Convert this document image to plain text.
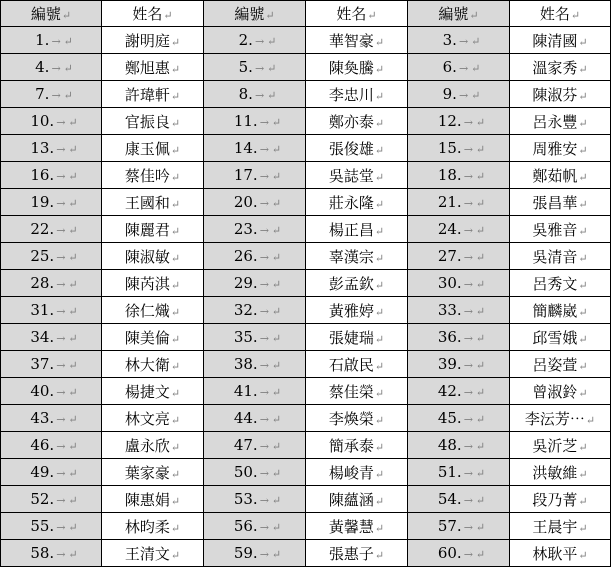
編號↵	姓名↵	編號↵	姓名↵	編號↵	姓名↵
1. → ↵	謝明庭↵	2. → ↵	華智豪↵	3. → ↵	陳清國↵
4. → ↵	鄭旭惠↵	5. → ↵	陳奐騰↵	6. → ↵	溫家秀↵
7. → ↵	許瑋軒↵	8. → ↵	李忠川↵	9. → ↵	陳淑芬↵
10. → ↵	官振良↵	11. → ↵	鄭亦泰↵	12. → ↵	呂永豐↵
13. → ↵	康玉佩↵	14. → ↵	張俊雄↵	15. → ↵	周雅安↵
16. → ↵	蔡佳吟↵	17. → ↵	吳誌堂↵	18. → ↵	鄭茹帆↵
19. → ↵	王國和↵	20. → ↵	莊永隆↵	21. → ↵	張昌華↵
22. → ↵	陳麗君↵	23. → ↵	楊正昌↵	24. → ↵	吳雅音↵
25. → ↵	陳淑敏↵	26. → ↵	辜漢宗↵	27. → ↵	吳清音↵
28. → ↵	陳芮淇↵	29. → ↵	彭孟欽↵	30. → ↵	呂秀文↵
31. → ↵	徐仁熾↵	32. → ↵	黃雅婷↵	33. → ↵	簡麟崴↵
34. → ↵	陳美倫↵	35. → ↵	張婕瑞↵	36. → ↵	邱雪娥↵
37. → ↵	林大衛↵	38. → ↵	石啟民↵	39. → ↵	呂姿萱↵
40. → ↵	楊捷文↵	41. → ↵	蔡佳榮↵	42. → ↵	曾淑鈴↵
43. → ↵	林文亮↵	44. → ↵	李煥榮↵	45. → ↵	李沄芳⋯↵
46. → ↵	盧永欣↵	47. → ↵	簡承泰↵	48. → ↵	吳沂芝↵
49. → ↵	葉家豪↵	50. → ↵	楊峻青↵	51. → ↵	洪敏維↵
52. → ↵	陳惠娟↵	53. → ↵	陳蘊涵↵	54. → ↵	段乃菁↵
55. → ↵	林昀柔↵	56. → ↵	黃馨慧↵	57. → ↵	王晨宇↵
58. → ↵	王清文↵	59. → ↵	張惠子↵	60. → ↵	林耿平↵
